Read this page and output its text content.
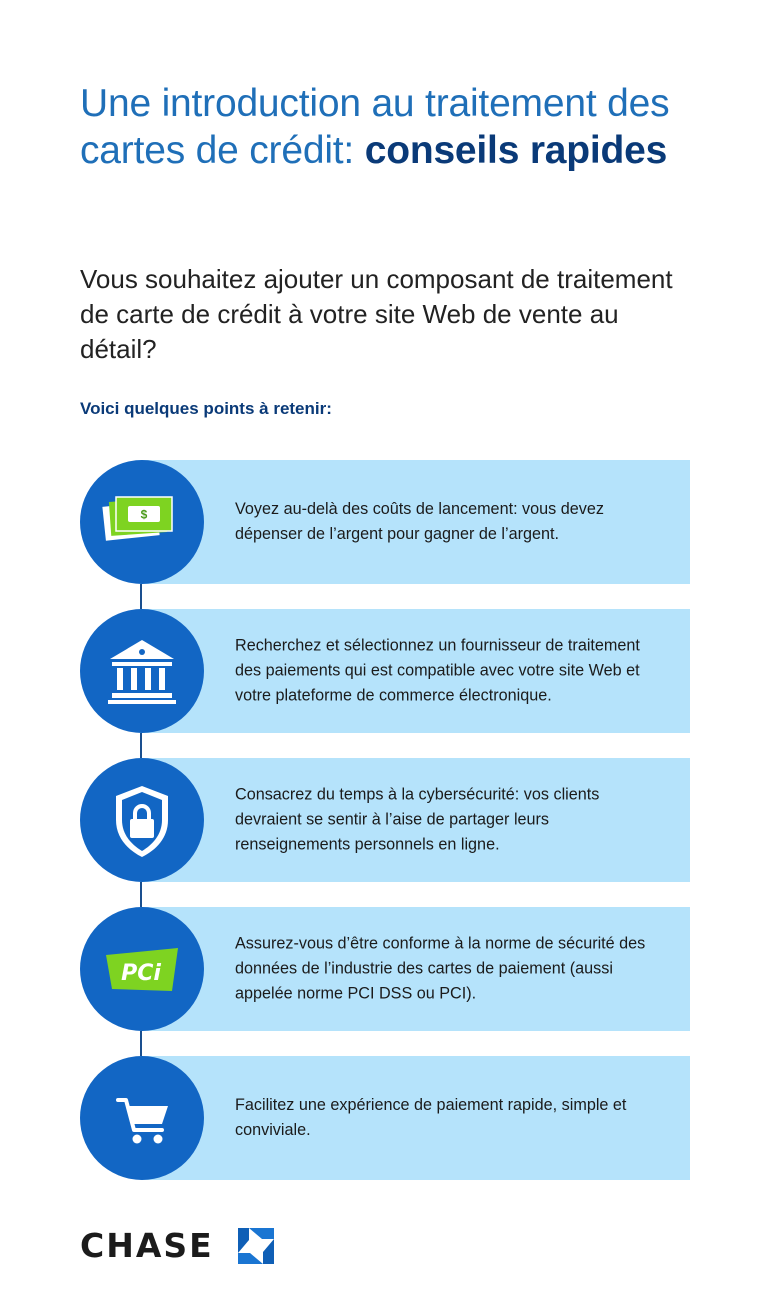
Une introduction au traitement des cartes de crédit: conseils rapides

Vous souhaitez ajouter un composant de traitement de carte de crédit à votre site Web de vente au détail?

Voici quelques points à retenir:
$	Voyez au-delà des coûts de lancement: vous devez dépenser de l’argent pour gagner de l’argent.
Recherchez et sélectionnez un fournisseur de traitement des paiements qui est compatible avec votre site Web et votre plateforme de commerce électronique.
Consacrez du temps à la cybersécurité: vos clients devraient se sentir à l’aise de partager leurs renseignements personnels en ligne.
PCi
Assurez-vous d’être conforme à la norme de sécurité des données de l’industrie des cartes de paiement (aussi appelée norme PCI DSS ou PCI).
Facilitez une expérience de paiement rapide, simple et conviviale.
CHASE
